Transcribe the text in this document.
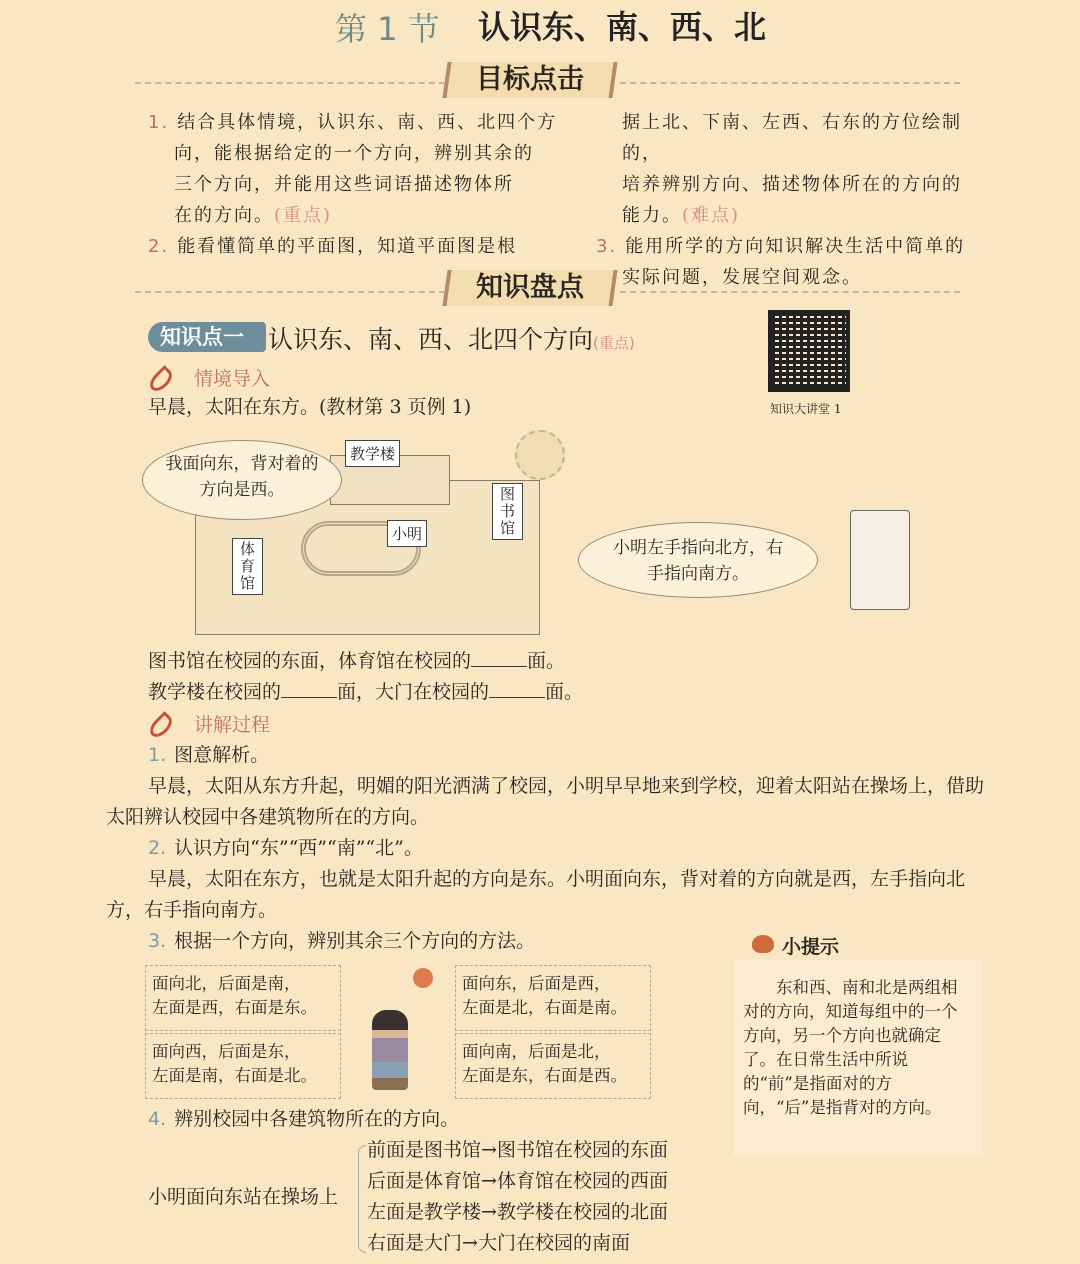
第 1 节 认识东、南、西、北
目标点击
1. 结合具体情境，认识东、南、西、北四个方
向，能根据给定的一个方向，辨别其余的
三个方向，并能用这些词语描述物体所
在的方向。(重点)
2. 能看懂简单的平面图，知道平面图是根
据上北、下南、左西、右东的方位绘制的，
培养辨别方向、描述物体所在的方向的
能力。(难点)
3. 能用所学的方向知识解决生活中简单的
实际问题，发展空间观念。
知识盘点
知识点一 认识东、南、西、北四个方向(重点)
知识大讲堂 1
情境导入
早晨，太阳在东方。(教材第 3 页例 1)
教学楼
图书馆
体育馆
小明
我面向东，背对着的方向是西。
小明左手指向北方，右手指向南方。
图书馆在校园的东面，体育馆在校园的	面。
教学楼在校园的	面，大门在校园的	面。
讲解过程
1. 图意解析。
早晨，太阳从东方升起，明媚的阳光洒满了校园，小明早早地来到学校，迎着太阳站在操场上，借助太阳辨认校园中各建筑物所在的方向。
2. 认识方向“东”“西”“南”“北”。
早晨，太阳在东方，也就是太阳升起的方向是东。小明面向东，背对着的方向就是西，左手指向北方，右手指向南方。
3. 根据一个方向，辨别其余三个方向的方法。
面向北，后面是南，
左面是西，右面是东。
面向东，后面是西，
左面是北，右面是南。
面向西，后面是东，
左面是南，右面是北。
面向南，后面是北，
左面是东，右面是西。
4. 辨别校园中各建筑物所在的方向。
小明面向东站在操场上
前面是图书馆→图书馆在校园的东面
后面是体育馆→体育馆在校园的西面
左面是教学楼→教学楼在校园的北面
右面是大门→大门在校园的南面
小提示
东和西、南和北是两组相对的方向，知道每组中的一个方向，另一个方向也就确定了。在日常生活中所说的“前”是指面对的方向，“后”是指背对的方向。
